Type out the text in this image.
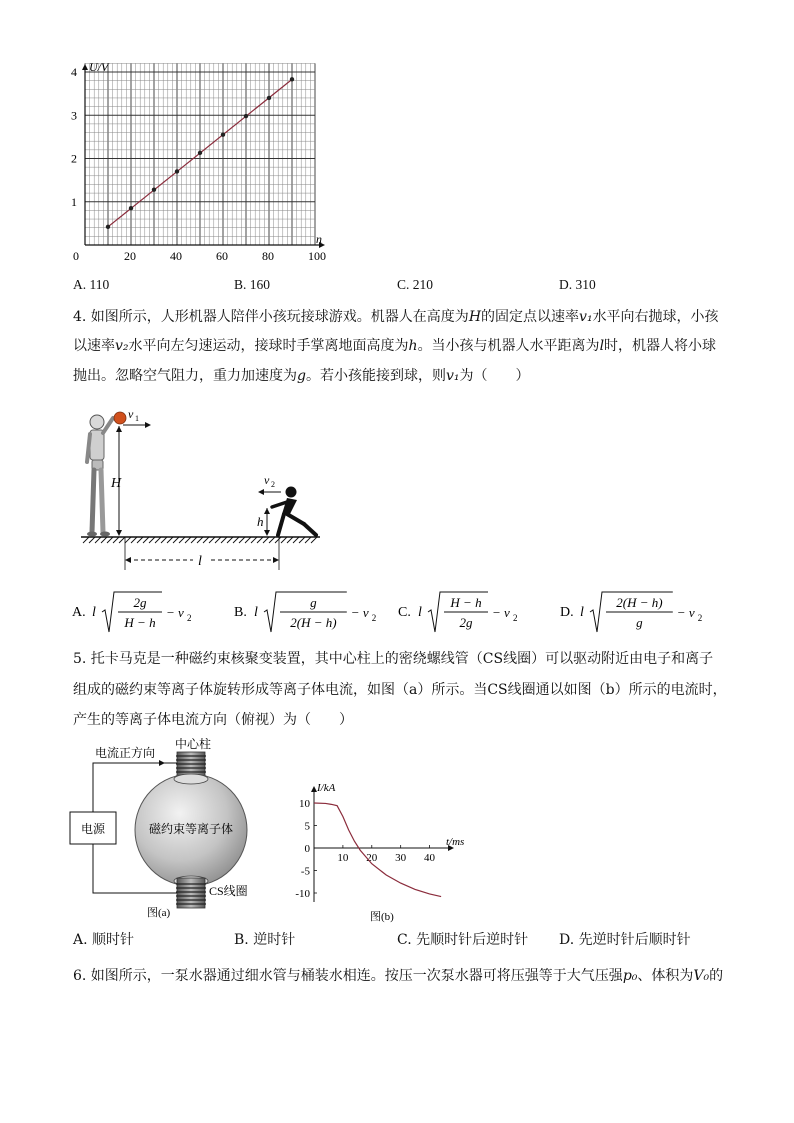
0	20	40	60	80	100
1
2
3
4
n
U/V
A. 110	B. 160	C. 210	D. 310
4. 如图所示，人形机器人陪伴小孩玩接球游戏。机器人在高度为H的固定点以速率v₁水平向右抛球，小孩
以速率v₂水平向左匀速运动，接球时手掌离地面高度为h。当小孩与机器人水平距离为l时，机器人将小球
抛出。忽略空气阻力，重力加速度为g。若小孩能接到球，则v₁为（　　）
v 1
H	v 2
h
l
A. l
2g
H − h
− v 2	B. l
g
2(H − h)
− v 2 C. l
H − h
2g
− v 2	D. l
2(H − h)
g
− v 2
5. 托卡马克是一种磁约束核聚变装置，其中心柱上的密绕螺线管（CS线圈）可以驱动附近由电子和离子
组成的磁约束等离子体旋转形成等离子体电流，如图（a）所示。当CS线圈通以如图（b）所示的电流时，
产生的等离子体电流方向（俯视）为（　　）
电源
电流正方向
中心柱
磁约束等离子体
CS线圈
图(a)
10 20 30 40
10
5
0
-5
-10
I/kA
t/ms
图(b)
A. 顺时针	B. 逆时针	C. 先顺时针后逆时针 D. 先逆时针后顺时针
6. 如图所示，一泵水器通过细水管与桶装水相连。按压一次泵水器可将压强等于大气压强p₀、体积为V₀的
